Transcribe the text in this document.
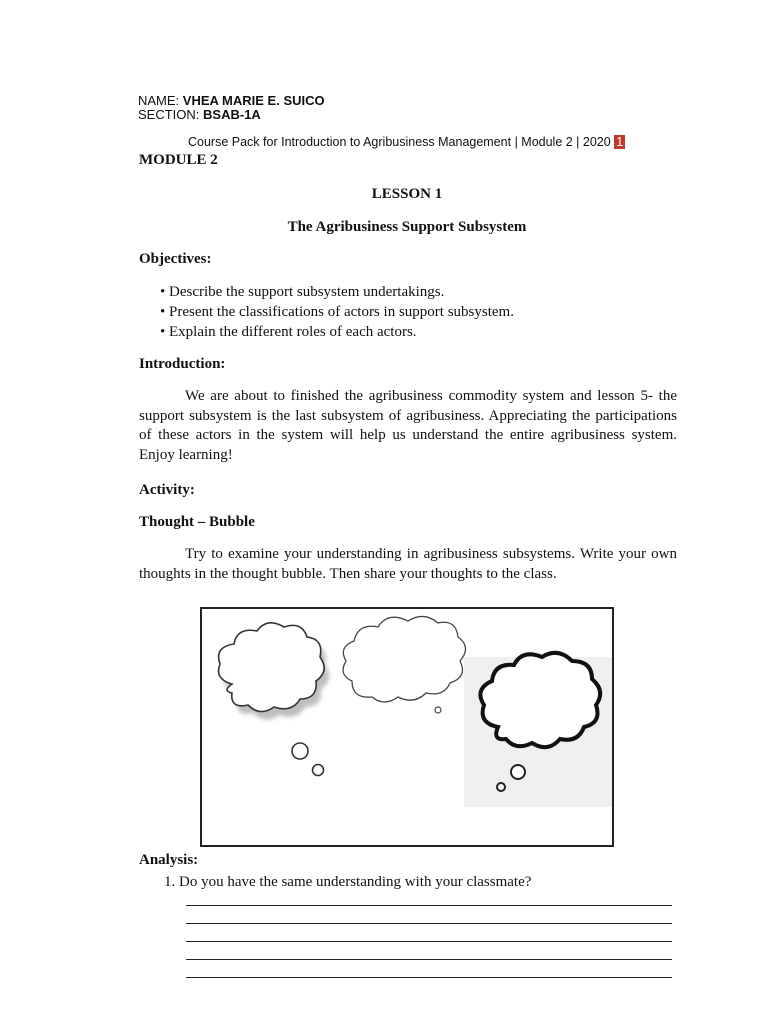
NAME: VHEA MARIE E. SUICO
SECTION: BSAB-1A
Course Pack for Introduction to Agribusiness Management | Module 2 | 2020 1
MODULE 2
LESSON 1
The Agribusiness Support Subsystem
Objectives:
• Describe the support subsystem undertakings.
• Present the classifications of actors in support subsystem.
• Explain the different roles of each actors.
Introduction:
We are about to finished the agribusiness commodity system and lesson 5- the support subsystem is the last subsystem of agribusiness. Appreciating the participations of these actors in the system will help us understand the entire agribusiness system. Enjoy learning!
Activity:
Thought – Bubble
Try to examine your understanding in agribusiness subsystems. Write your own thoughts in the thought bubble. Then share your thoughts to the class.
Analysis:
1. Do you have the same understanding with your classmate?
